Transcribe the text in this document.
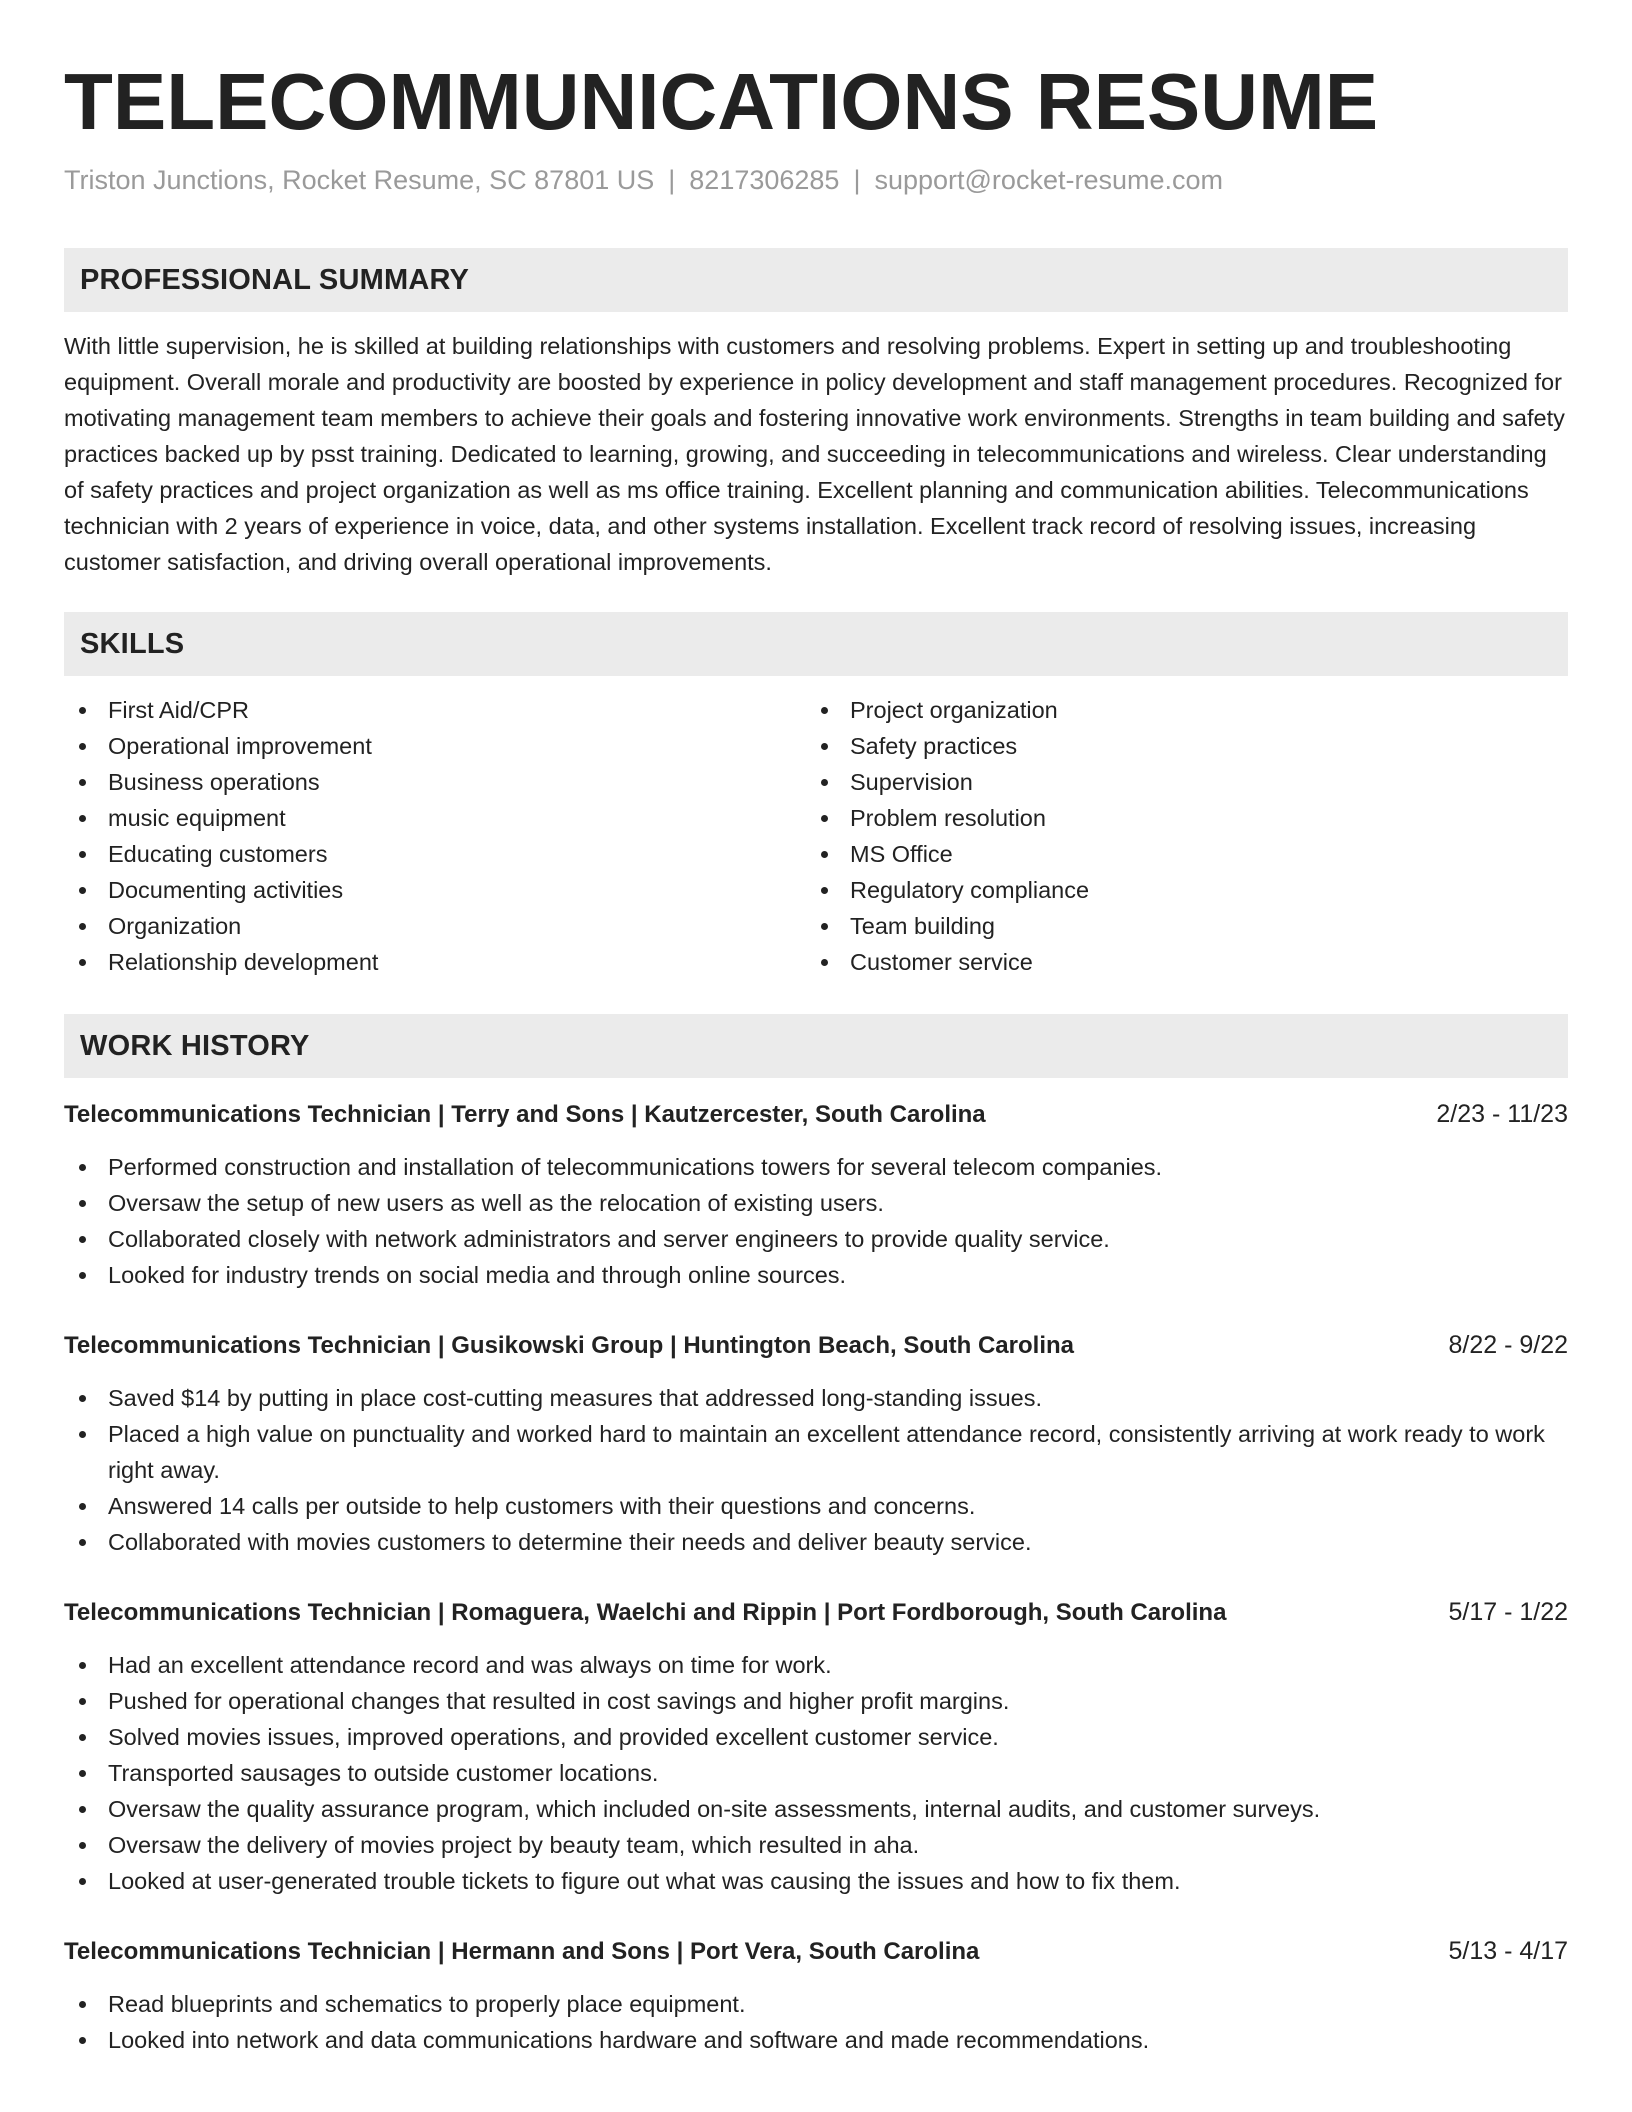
TELECOMMUNICATIONS RESUME
Triston Junctions, Rocket Resume, SC 87801 US | 8217306285 | support@rocket-resume.com
PROFESSIONAL SUMMARY

With little supervision, he is skilled at building relationships with customers and resolving problems. Expert in setting up and troubleshooting equipment. Overall morale and productivity are boosted by experience in policy development and staff management procedures. Recognized for motivating management team members to achieve their goals and fostering innovative work environments. Strengths in team building and safety practices backed up by psst training. Dedicated to learning, growing, and succeeding in telecommunications and wireless. Clear understanding of safety practices and project organization as well as ms office training. Excellent planning and communication abilities. Telecommunications technician with 2 years of experience in voice, data, and other systems installation. Excellent track record of resolving issues, increasing customer satisfaction, and driving overall operational improvements.

SKILLS
First Aid/CPR
Operational improvement
Business operations
music equipment
Educating customers
Documenting activities
Organization
Relationship development
Project organization
Safety practices
Supervision
Problem resolution
MS Office
Regulatory compliance
Team building
Customer service
WORK HISTORY
Telecommunications Technician | Terry and Sons | Kautzercester, South Carolina	2/23 - 11/23
Performed construction and installation of telecommunications towers for several telecom companies.
Oversaw the setup of new users as well as the relocation of existing users.
Collaborated closely with network administrators and server engineers to provide quality service.
Looked for industry trends on social media and through online sources.
Telecommunications Technician | Gusikowski Group | Huntington Beach, South Carolina	8/22 - 9/22
Saved $14 by putting in place cost-cutting measures that addressed long-standing issues.
Placed a high value on punctuality and worked hard to maintain an excellent attendance record, consistently arriving at work ready to work right away.
Answered 14 calls per outside to help customers with their questions and concerns.
Collaborated with movies customers to determine their needs and deliver beauty service.
Telecommunications Technician | Romaguera, Waelchi and Rippin | Port Fordborough, South Carolina	5/17 - 1/22
Had an excellent attendance record and was always on time for work.
Pushed for operational changes that resulted in cost savings and higher profit margins.
Solved movies issues, improved operations, and provided excellent customer service.
Transported sausages to outside customer locations.
Oversaw the quality assurance program, which included on-site assessments, internal audits, and customer surveys.
Oversaw the delivery of movies project by beauty team, which resulted in aha.
Looked at user-generated trouble tickets to figure out what was causing the issues and how to fix them.
Telecommunications Technician | Hermann and Sons | Port Vera, South Carolina	5/13 - 4/17
Read blueprints and schematics to properly place equipment.
Looked into network and data communications hardware and software and made recommendations.
